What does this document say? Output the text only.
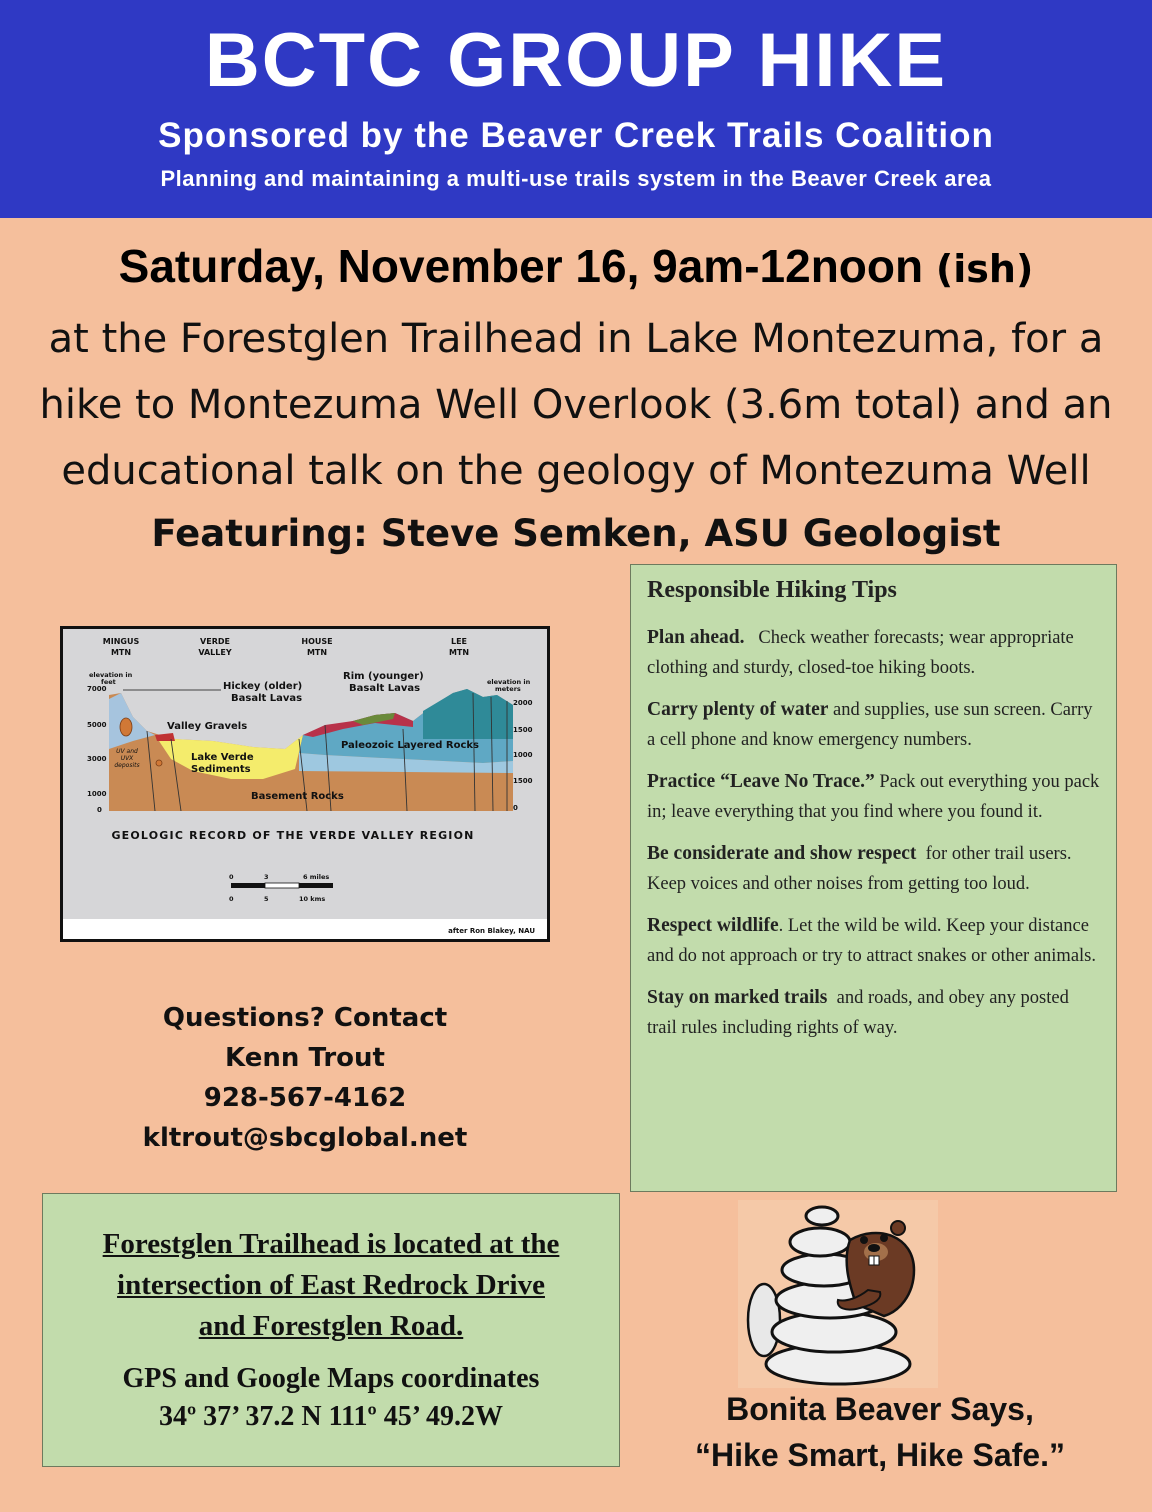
BCTC GROUP HIKE
Sponsored by the Beaver Creek Trails Coalition
Planning and maintaining a multi-use trails system in the Beaver Creek area
Saturday, November 16, 9am-12noon (ish)
at the Forestglen Trailhead in Lake Montezuma, for a
hike to Montezuma Well Overlook (3.6m total) and an
educational talk on the geology of Montezuma Well
Featuring: Steve Semken, ASU Geologist
MINGUS
MTN
VERDE
VALLEY
HOUSE
MTN
LEE
MTN
elevation in
feet	elevation in
meters
7000
5000
3000
1000
0
2000
1500
1000
1500
0
Hickey (older)
Basalt Lavas
Rim (younger)
Basalt Lavas
Valley Gravels
Paleozoic Layered Rocks
Lake Verde
Sediments
Basement Rocks
UV and
UVX
deposits
GEOLOGIC RECORD OF THE VERDE VALLEY REGION
0	3	6 miles
0	5	10 kms
after Ron Blakey, NAU
Responsible Hiking Tips
Plan ahead. Check weather forecasts; wear appropriate clothing and sturdy, closed-toe hiking boots.
Carry plenty of water and supplies, use sun screen. Carry a cell phone and know emergency numbers.
Practice “Leave No Trace.” Pack out everything you pack in; leave everything that you find where you found it.
Be considerate and show respect for other trail users. Keep voices and other noises from getting too loud.
Respect wildlife. Let the wild be wild. Keep your distance and do not approach or try to attract snakes or other animals.
Stay on marked trails and roads, and obey any posted trail rules including rights of way.
Questions? Contact
Kenn Trout
928-567-4162
kltrout@sbcglobal.net
Forestglen Trailhead is located at the
intersection of East Redrock Drive
and Forestglen Road.
GPS and Google Maps coordinates
34º 37’ 37.2 N 111º 45’ 49.2W	Bonita Beaver Says,
“Hike Smart, Hike Safe.”
